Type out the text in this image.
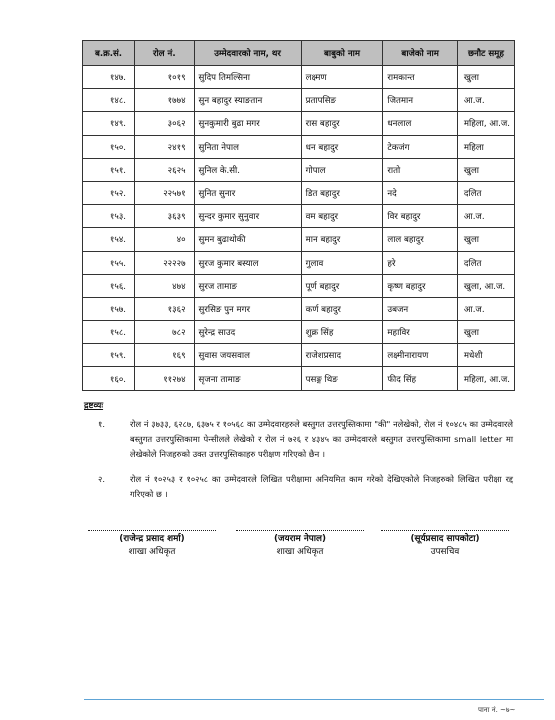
ब.क्र.सं.	रोल नं.	उम्मेदवारको नाम, थर	बाबुको नाम	बाजेको नाम	छनौट समूह
१४७.	१०१९	सुदिप तिमल्सिना	लक्ष्मण	रामकान्त	खुला
१४८.	१७७४	सुन बहादुर स्याङतान	प्रतापसिङ	जितमान	आ.ज.
१४९.	३०६२	सुनकुमारी बुढा मगर	रास बहादुर	धनलाल	महिला, आ.ज.
१५०.	२४१९	सुनिता नेपाल	धन बहादुर	टेकजंग	महिला
१५१.	२६२५	सुनिल के.सी.	गोपाल	रातो	खुला
१५२.	२२५७१	सुनित सुनार	डित बहादुर	नदे	दलित
१५३.	३६३९	सुन्दर कुमार सुनुवार	वम बहादुर	विर बहादुर	आ.ज.
१५४.	४०	सुमन बुढाथोकी	मान बहादुर	लाल बहादुर	खुला
१५५.	२२२२७	सुरज कुमार बस्याल	गुलाव	हरे	दलित
१५६.	४७४	सुरज तामाङ	पूर्ण बहादुर	कृष्ण बहादुर	खुला, आ.ज.
१५७.	१३६२	सुरसिङ पुन मगर	कर्ण बहादुर	उबजन	आ.ज.
१५८.	७८२	सुरेन्द्र साउद	शुक्र सिंह	महाविर	खुला
१५९.	१६९	सुवास जयसवाल	राजेशप्रसाद	लक्ष्मीनारायण	मधेशी
१६०.	११२७४	सृजना तामाङ	पसङ्ग थिङ	फीद सिंह	महिला, आ.ज.
द्रष्टव्यः
१.	रोल नं ३७३३, ६२८७, ६३७५ र १०५६८ का उम्मेदवारहरुले बस्तुगत उत्तरपुस्तिकामा "की" नलेखेको, रोल नं १०४८५ का उम्मेदवारले बस्तुगत उत्तरपुस्तिकामा पेन्सीलले लेखेको र रोल नं ७२६ र ४३४५ का उम्मेदवारले बस्तुगत उत्तरपुस्तिकामा small letter मा लेखेकोले निजहरुको उक्त उत्तरपुस्तिकाहरु परीक्षण गरिएको छैन ।
२.	रोल नं १०२५३ र १०२५८ का उम्मेदवारले लिखित परीक्षामा अनियमित काम गरेको देखिएकोले निजहरुको लिखित परीक्षा रद्द गरिएको छ ।
(राजेन्द्र प्रसाद शर्मा)
शाखा अधिकृत
(जयराम नेपाल)
शाखा अधिकृत
(सूर्यप्रसाद सापकोटा)
उपसचिव
पाना नं. ~७~
